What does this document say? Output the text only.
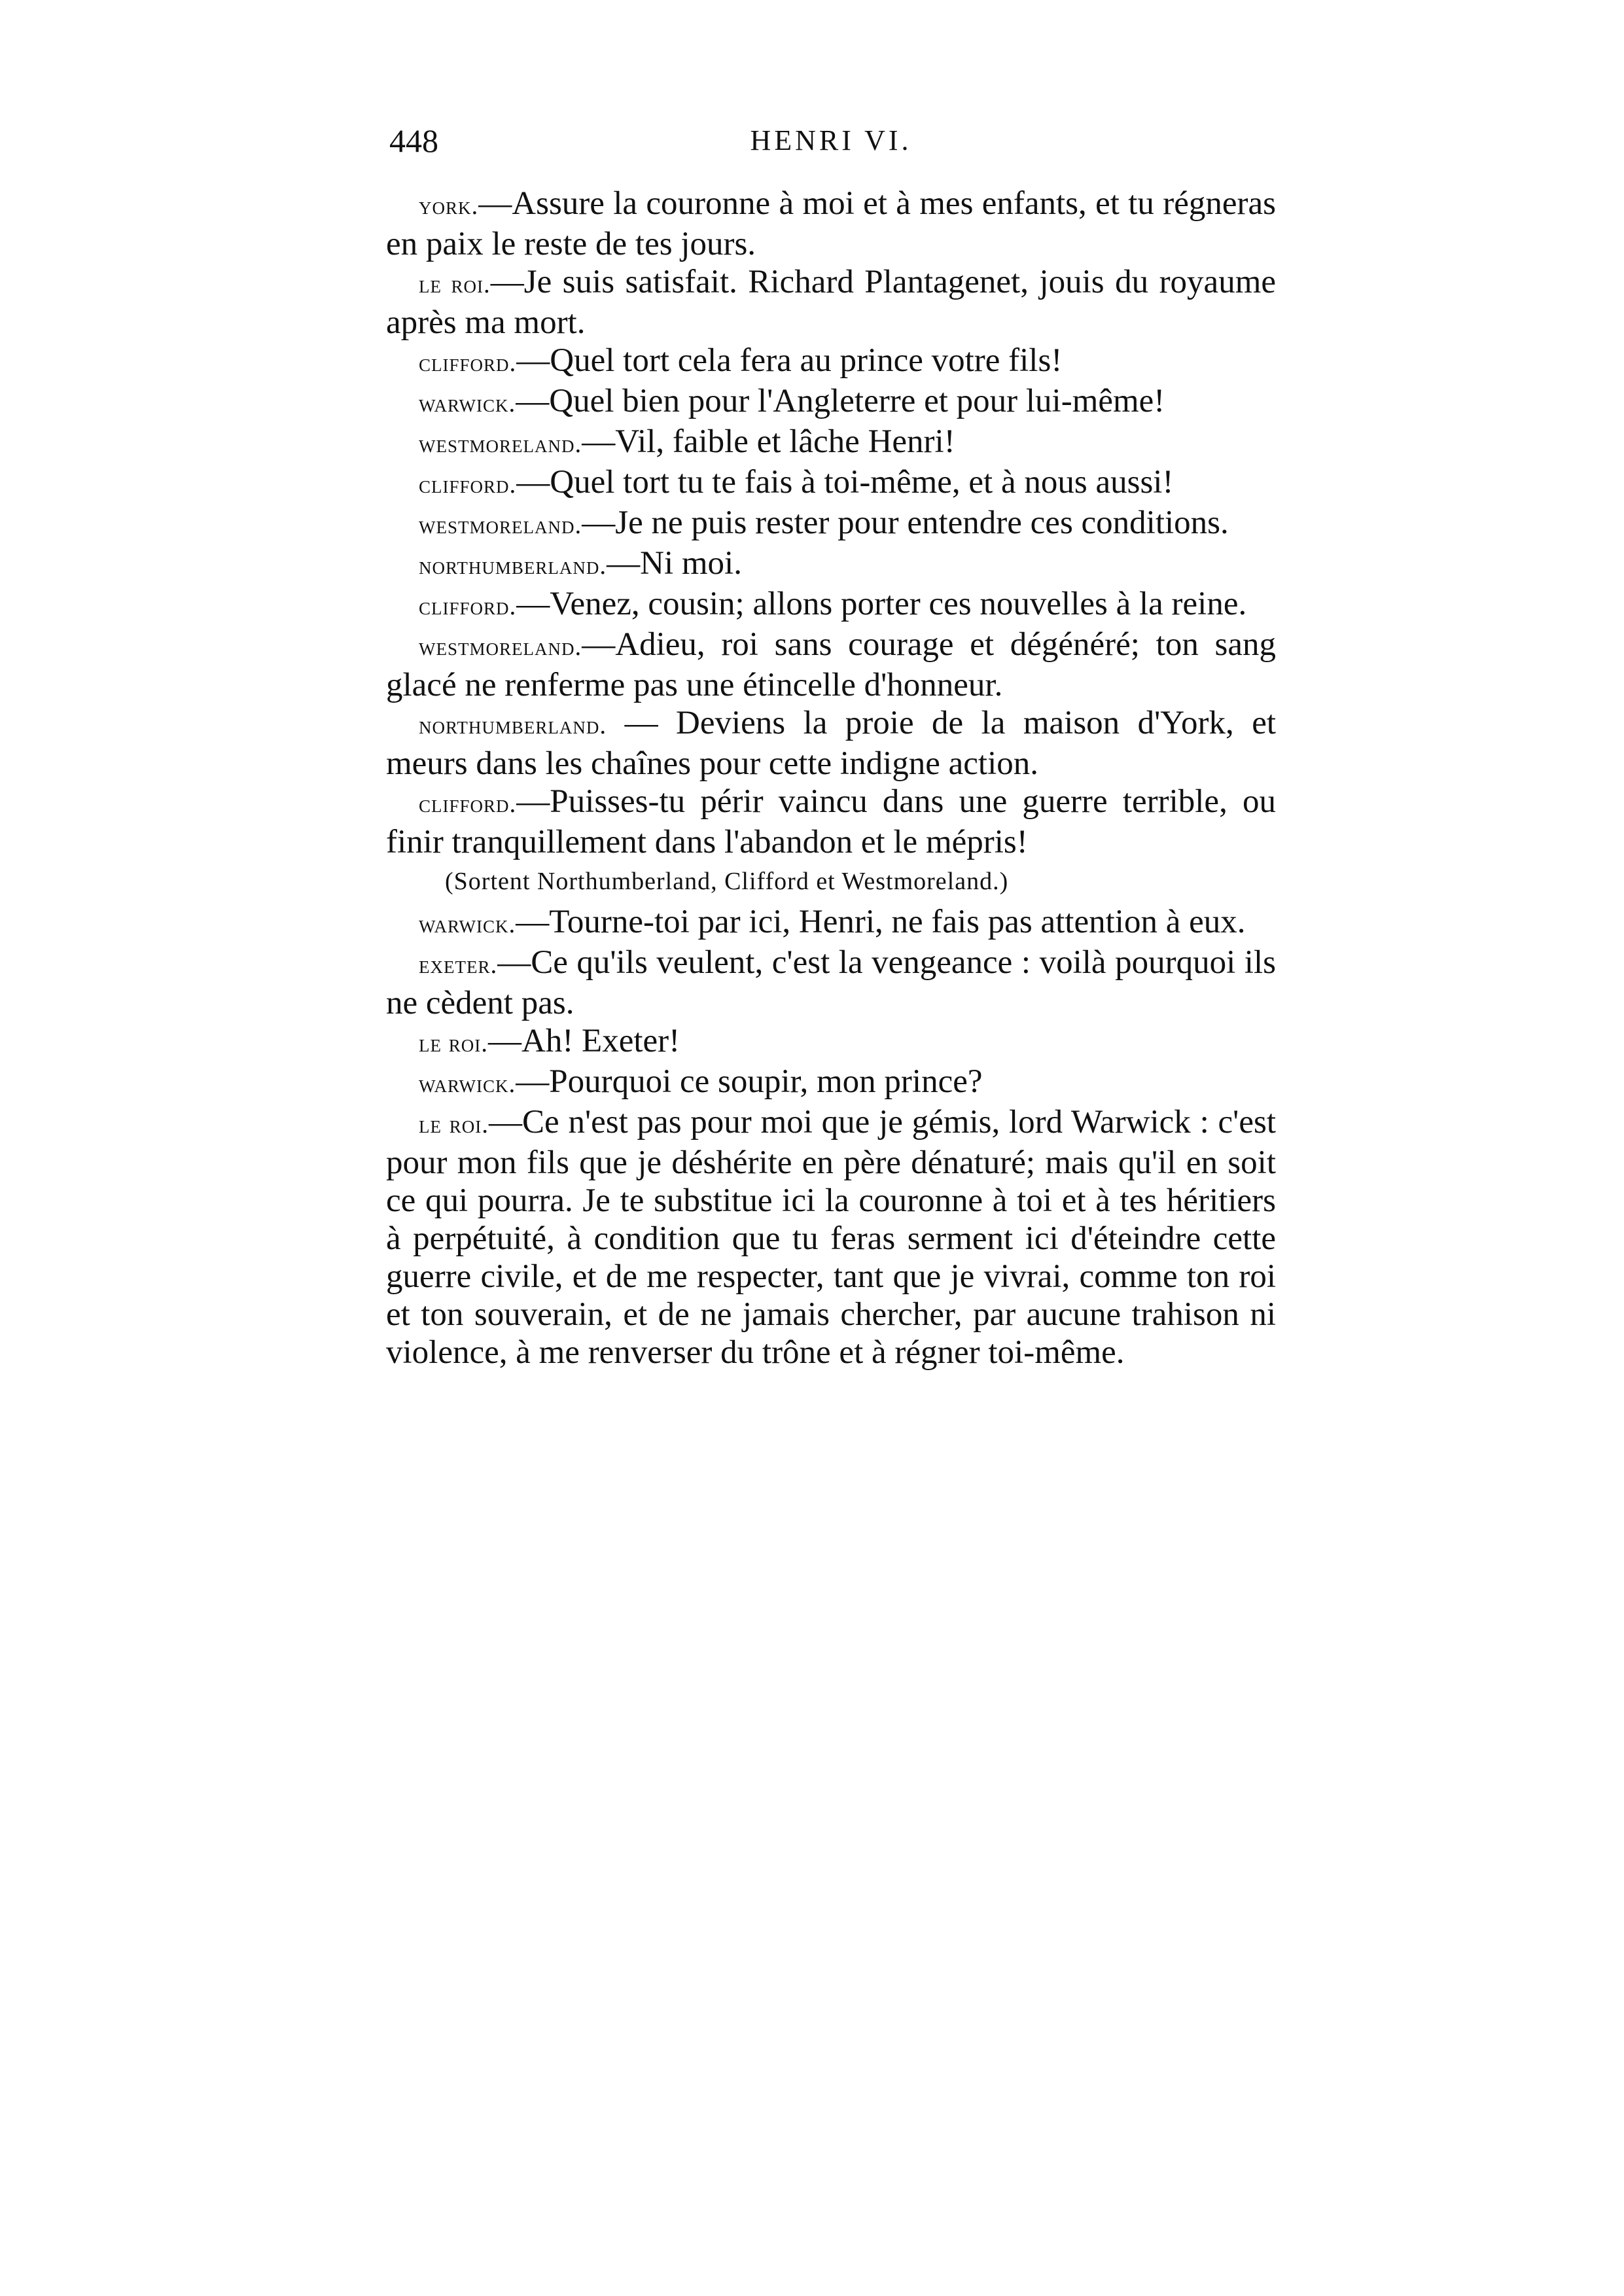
448	HENRI VI.

york.—Assure la couronne à moi et à mes enfants, et tu régneras en paix le reste de tes jours.

le roi.—Je suis satisfait. Richard Plantagenet, jouis du royaume après ma mort.

clifford.—Quel tort cela fera au prince votre fils!

warwick.—Quel bien pour l'Angleterre et pour lui-même!

westmoreland.—Vil, faible et lâche Henri!

clifford.—Quel tort tu te fais à toi-même, et à nous aussi!

westmoreland.—Je ne puis rester pour entendre ces conditions.

northumberland.—Ni moi.

clifford.—Venez, cousin; allons porter ces nouvelles à la reine.

westmoreland.—Adieu, roi sans courage et dégénéré; ton sang glacé ne renferme pas une étincelle d'honneur.

northumberland. — Deviens la proie de la maison d'York, et meurs dans les chaînes pour cette indigne action.

clifford.—Puisses-tu périr vaincu dans une guerre terrible, ou finir tranquillement dans l'abandon et le mépris!

(Sortent Northumberland, Clifford et Westmoreland.)

warwick.—Tourne-toi par ici, Henri, ne fais pas attention à eux.

exeter.—Ce qu'ils veulent, c'est la vengeance : voilà pourquoi ils ne cèdent pas.

le roi.—Ah! Exeter!

warwick.—Pourquoi ce soupir, mon prince?

le roi.—Ce n'est pas pour moi que je gémis, lord Warwick : c'est pour mon fils que je déshérite en père dénaturé; mais qu'il en soit ce qui pourra. Je te substitue ici la couronne à toi et à tes héritiers à perpétuité, à condition que tu feras serment ici d'éteindre cette guerre civile, et de me respecter, tant que je vivrai, comme ton roi et ton souverain, et de ne jamais chercher, par aucune trahison ni violence, à me renverser du trône et à régner toi-même.
